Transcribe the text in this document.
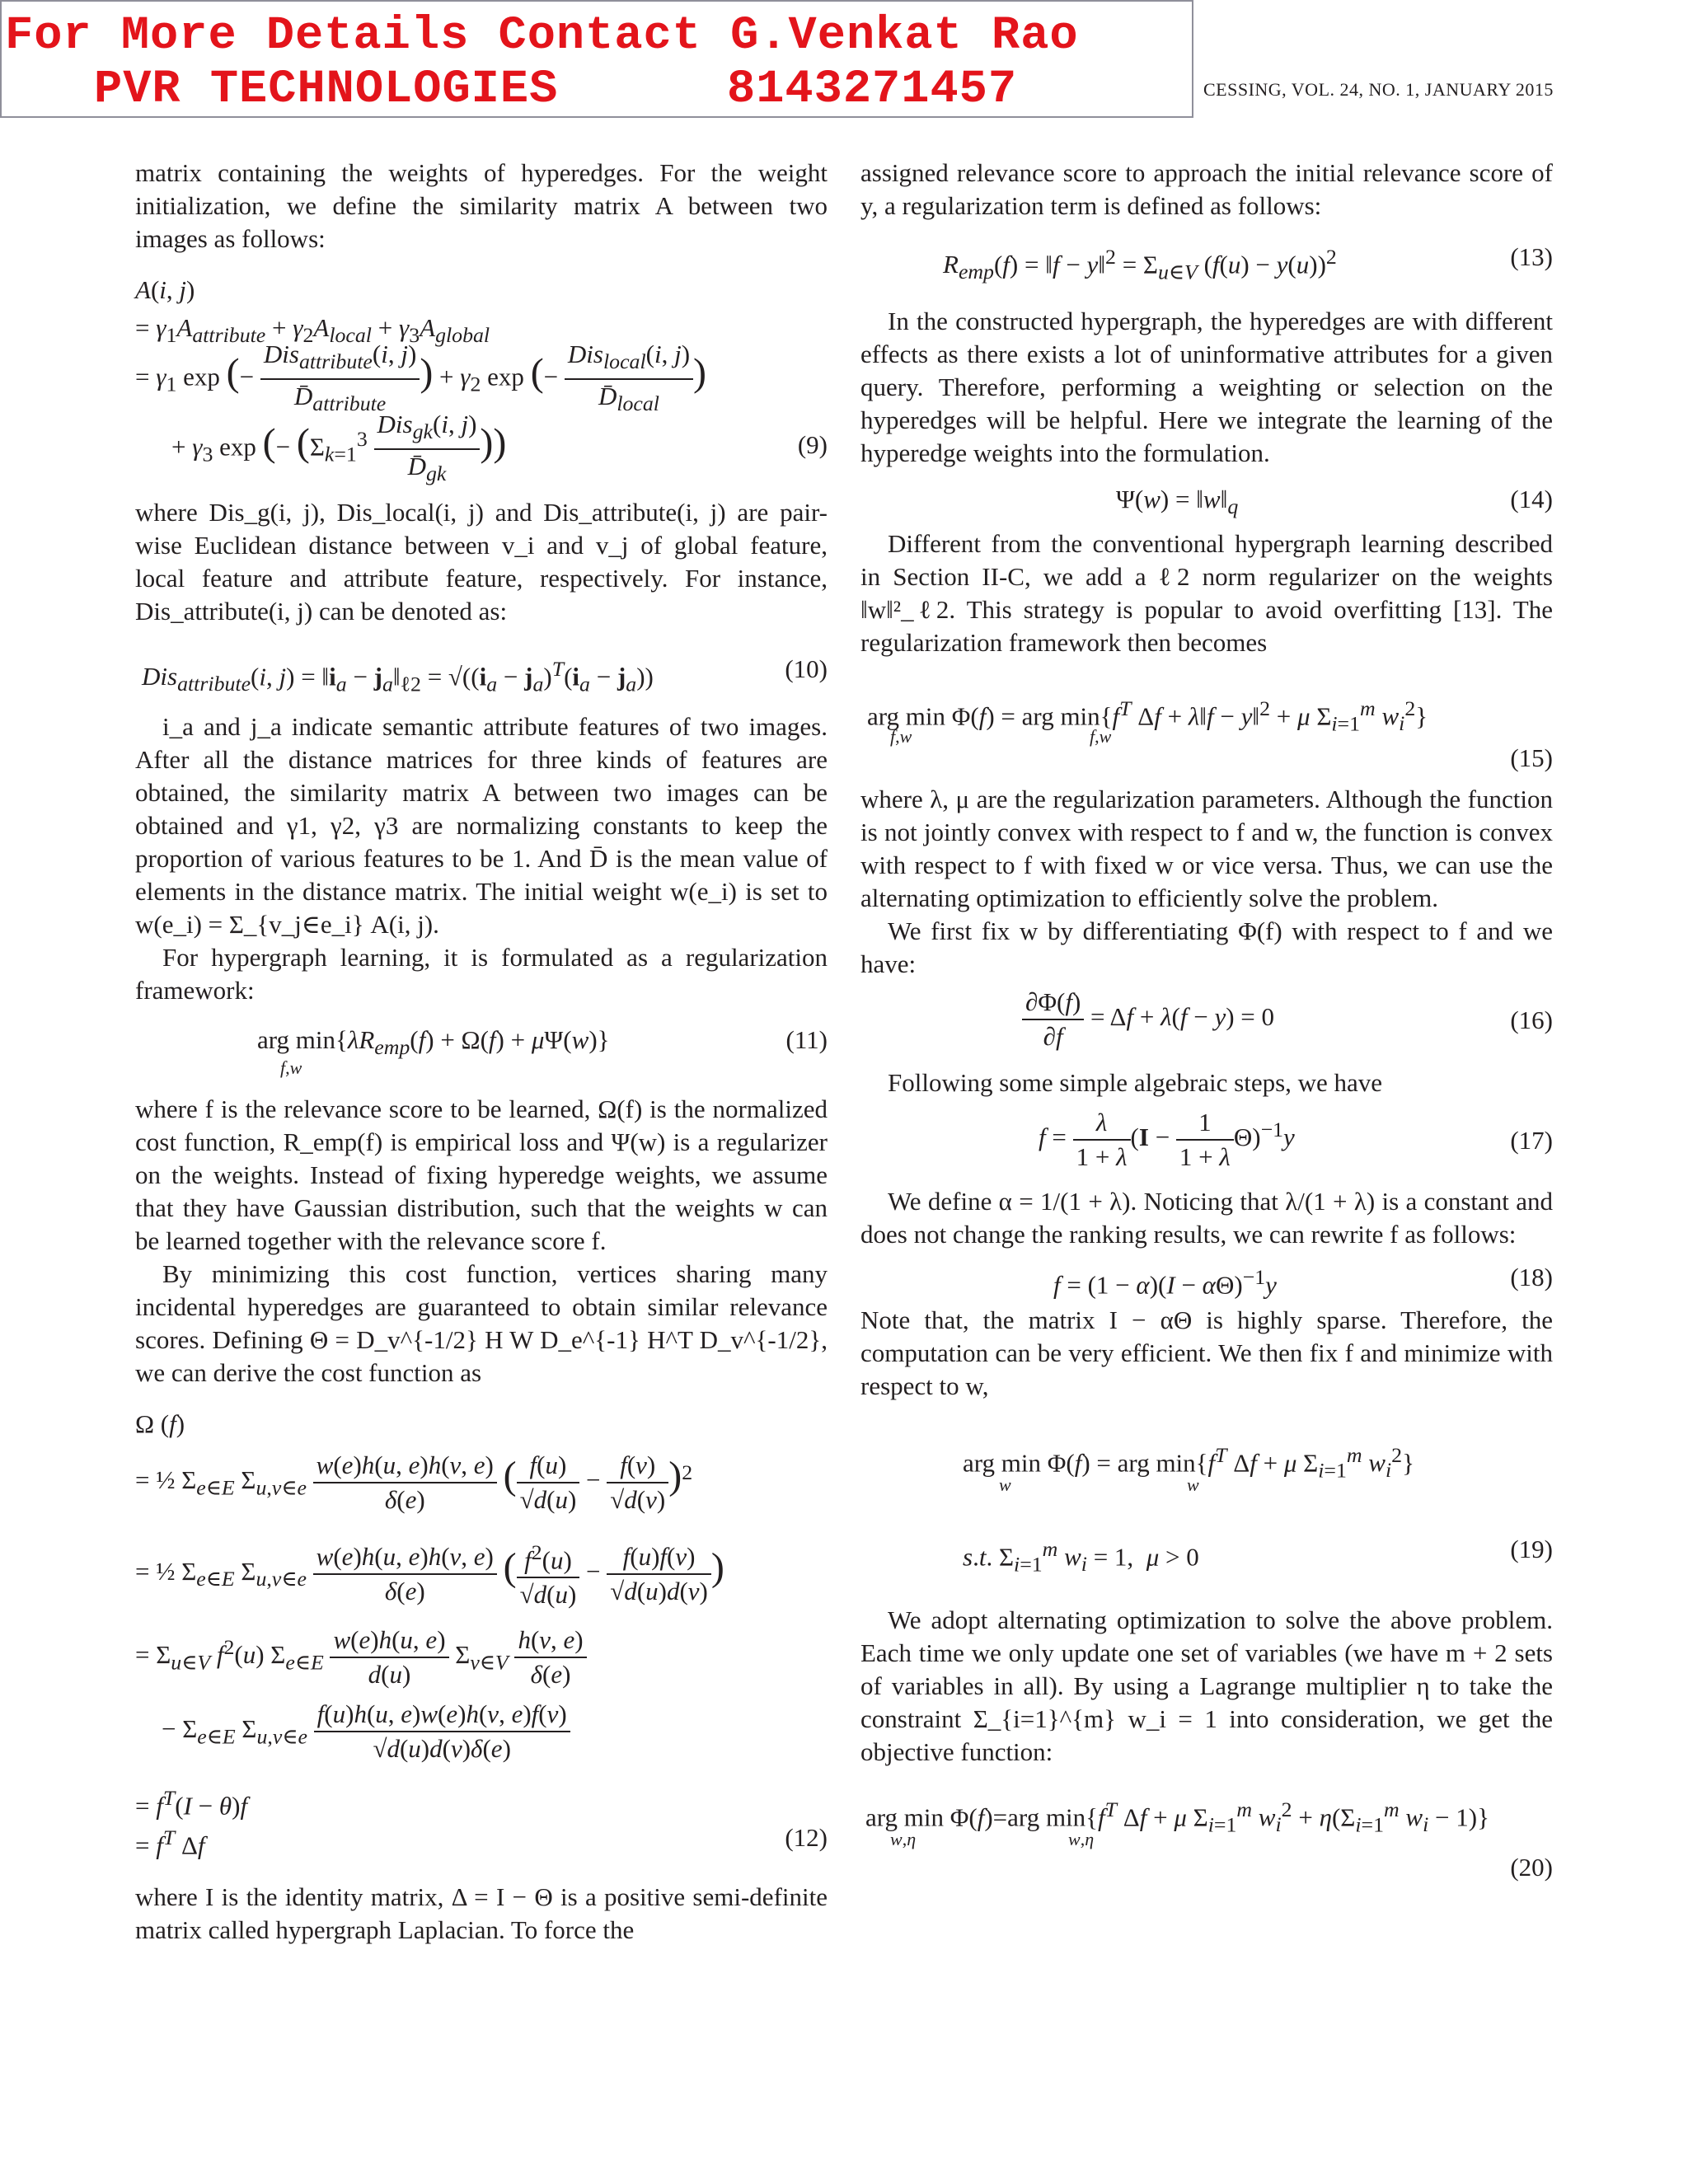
For More Details Contact G.Venkat Rao
PVR TECHNOLOGIES	8143271457	CESSING, VOL. 24, NO. 1, JANUARY 2015

matrix containing the weights of hyperedges. For the weight initialization, we define the similarity matrix A between two images as follows:

A(i, j)
= $\gamma_1A_{attribute} + \gamma_2A_{local} + \gamma_3A_{global}$
= $\gamma_1$ exp (− $\frac{Dis_{attribute}(i, j)}{D̄_{attribute}}$ ) + $\gamma_2$ exp (− $\frac{Dis_{local}(i, j)}{D̄_{local}}$ )
+ $\gamma_3$ exp (− ($\Sigma_{k=1}^3 \frac{Dis_{gk}(i, j)}{D̄_{gk}}$ ))	(9)

where Dis_g(i, j), Dis_local(i, j) and Dis_attribute(i, j) are pair-wise Euclidean distance between v_i and v_j of global feature, local feature and attribute feature, respectively. For instance, Dis_attribute(i, j) can be denoted as:

Dis$_{attribute}$(i, $j) = ‖i_a$ − $j_a‖_{\ell 2} = √((i_a - j_a)^T(i_a - j_a))$	(10)

i_a and j_a indicate semantic attribute features of two images. After all the distance matrices for three kinds of features are obtained, the similarity matrix A between two images can be obtained and γ1, γ2, γ3 are normalizing constants to keep the proportion of various features to be 1. And D̄ is the mean value of elements in the distance matrix. The initial weight w(e_i) is set to w(e_i) = Σ_{v_j∈e_i} A(i, j).

For hypergraph learning, it is formulated as a regularization framework:

arg $\min\{\lambda R_{emp}(f) + \Omega(f) + \mu\Psi(w)\}$
f,w
(11)

where f is the relevance score to be learned, Ω(f) is the normalized cost function, R_emp(f) is empirical loss and Ψ(w) is a regularizer on the weights. Instead of fixing hyperedge weights, we assume that they have Gaussian distribution, such that the weights w can be learned together with the relevance score f.

By minimizing this cost function, vertices sharing many incidental hyperedges are guaranteed to obtain similar relevance scores. Defining Θ = D_v^{-1/2} H W D_e^{-1} H^T D_v^{-1/2}, we can derive the cost function as

Ω (f)
= ½ $\Sigma_{e\in E}$ $\Sigma_{u,v\in e} \frac{w(e)h(u, e)h(v, e)}{\delta(e)}$ ( $\frac{f(u)}{√d(u)} - \frac{f(v)}{√d(v)} )^2$
= ½ $\Sigma_{e\in E}$ $\Sigma_{u,v\in e} \frac{w(e)h(u, e)h(v, e)}{\delta(e)}$ ( $\frac{f^2(u)}{√d(u)} - \frac{f(u)f(v)}{√d(u)d(v)}$ )
= $\Sigma_{u\in V}$ $f^2(u)$ $\Sigma_{e\in E} \frac{w(e)h(u, e)}{d(u)} \Sigma_{v\in V} \frac{h(v, e)}{\delta(e)}$
− $\Sigma_{e\in E}$ $\Sigma_{u,v\in e} \frac{f(u)h(u, e)w(e)h(v, e)f(v)}{√d(u)d(v)\delta(e)}$
= $f^T(I - \theta)f$
= $f^T$ Δf	(12)

where I is the identity matrix, Δ = I − Θ is a positive semi-definite matrix called hypergraph Laplacian. To force the

assigned relevance score to approach the initial relevance score of y, a regularization term is defined as follows:

$R_{emp}(f)$ = ‖f − y‖$^2$ = $\Sigma_{u\in V}$ $(f(u) - y(u))^2$	(13)

In the constructed hypergraph, the hyperedges are with different effects as there exists a lot of uninformative attributes for a given query. Therefore, performing a weighting or selection on the hyperedges will be helpful. Here we integrate the learning of the hyperedge weights into the formulation.

$\Psi(w) = ‖w‖_q$	(14)

Different from the conventional hypergraph learning described in Section II-C, we add a ℓ2 norm regularizer on the weights ‖w‖²_ℓ2. This strategy is popular to avoid overfitting [13]. The regularization framework then becomes

arg min Φ(f) = arg $\min\{f^T$ Δf + λ‖f − y‖$^2$ + μ $\Sigma_{i=1}^m$ $w_i^2$}
f,w	f,w
(15)

where λ, μ are the regularization parameters. Although the function is not jointly convex with respect to f and w, the function is convex with respect to f with fixed w or vice versa. Thus, we can use the alternating optimization to efficiently solve the problem.

We first fix w by differentiating Φ(f) with respect to f and we have:

$\frac{\partial\Phi(f)}{\partial f} = \Delta f + \lambda(f - y) = 0$	(16)

Following some simple algebraic steps, we have

$f = \frac{\lambda}{1 + \lambda} (I - \frac{1}{1 + \lambda} \Theta)^{-1}y$	(17)

We define α = 1/(1 + λ). Noticing that λ/(1 + λ) is a constant and does not change the ranking results, we can rewrite f as follows:

$f = (1 - \alpha)(I - \alpha\Theta)^{-1}y$	(18)

Note that, the matrix I − αΘ is highly sparse. Therefore, the computation can be very efficient. We then fix f and minimize with respect to w,

arg min Φ(f) = arg $\min\{f^T$ Δf + μ $\Sigma_{i=1}^m$ $w_i^2$}
w	w
s.t. $\Sigma_{i=1}^m$ $w_i = 1$,  μ > 0	(19)

We adopt alternating optimization to solve the above problem. Each time we only update one set of variables (we have m + 2 sets of variables in all). By using a Lagrange multiplier η to take the constraint Σ_{i=1}^{m} w_i = 1 into consideration, we get the objective function:

arg min Φ(f)=arg $\min\{f^T$ Δf + μ $\Sigma_{i=1}^m$ $w_i^2 + \eta(\Sigma_{i=1}^m$ $w_i - 1$)}
w,η	w,η
(20)
